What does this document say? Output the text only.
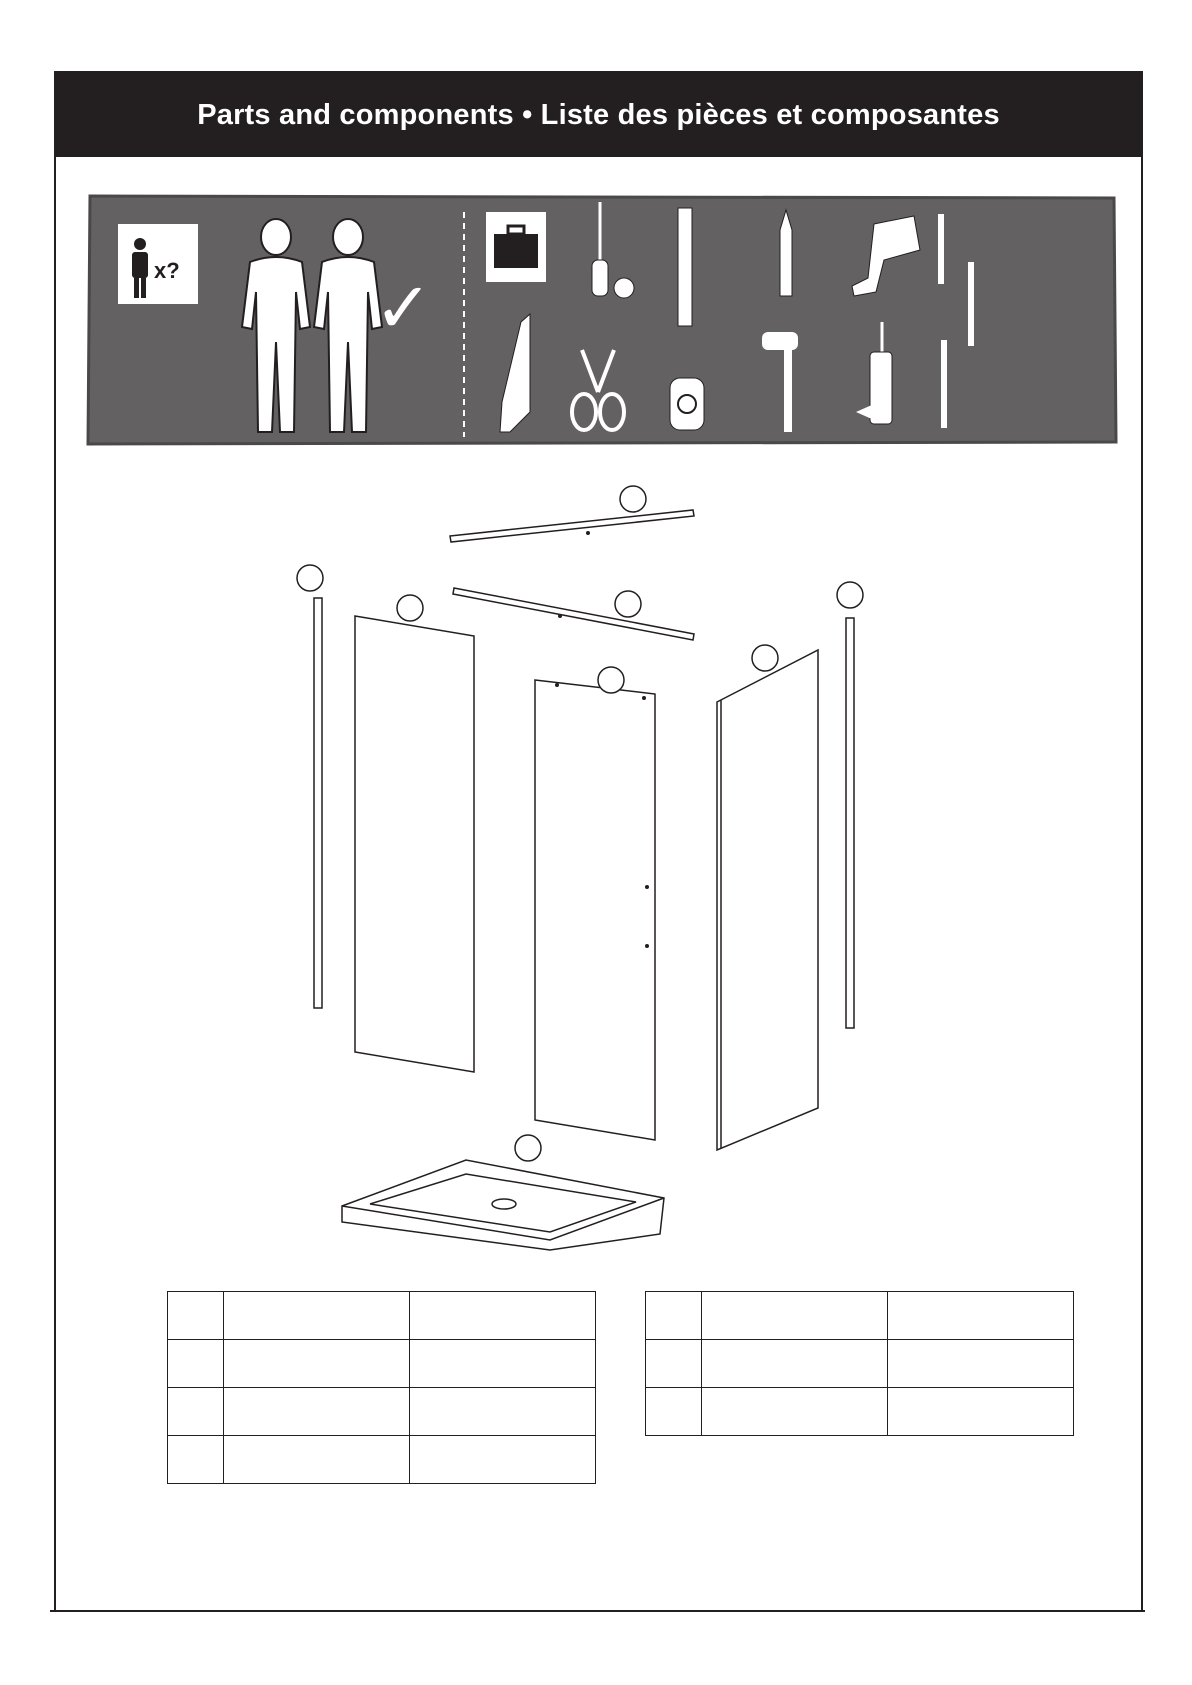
Parts and components • Liste des pièces et composantes
x?	✓
